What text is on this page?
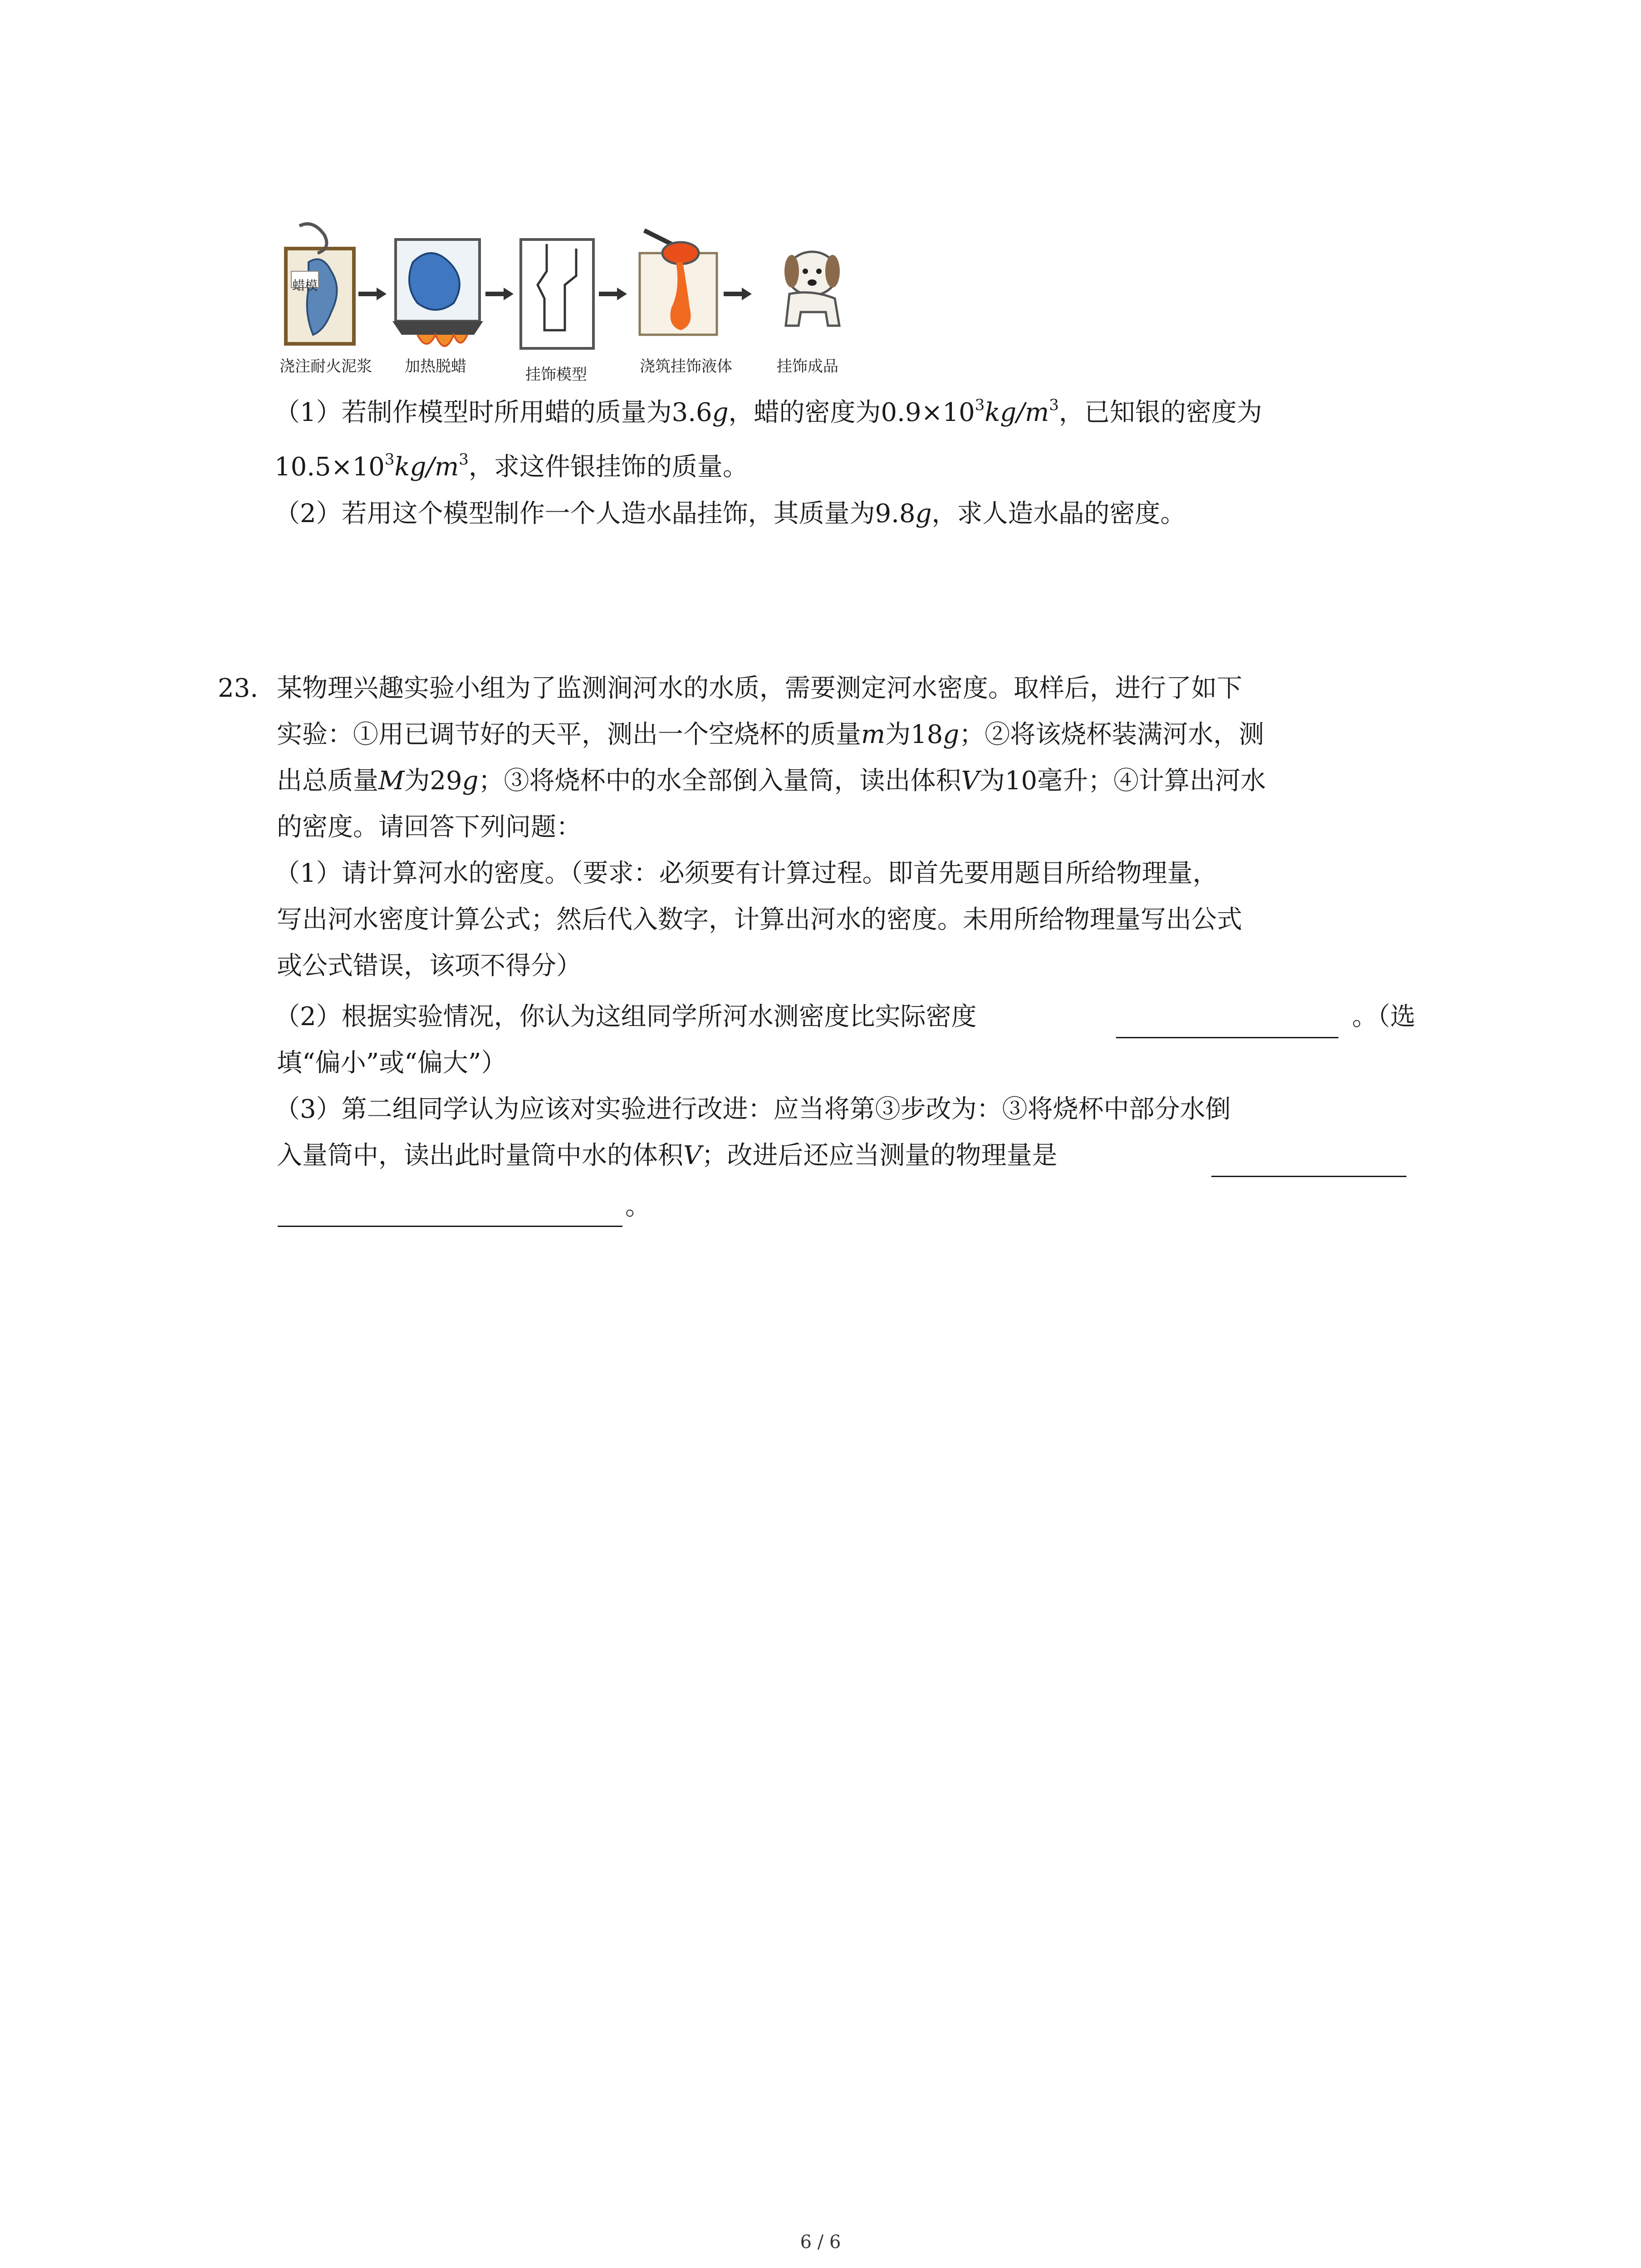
蜡模
浇注耐火泥浆 加热脱蜡	挂饰模型	浇筑挂饰液体	挂饰成品
（1）若制作模型时所用蜡的质量为3.6g，蜡的密度为$0.9\times 10^3kg/m^3$，已知银的密度为
$10.5\times 10^3kg/m^3$，求这件银挂饰的质量。
（2）若用这个模型制作一个人造水晶挂饰，其质量为9.8g，求人造水晶的密度。
23. 某物理兴趣实验小组为了监测涧河水的水质，需要测定河水密度。取样后，进行了如下
实验：①用已调节好的天平，测出一个空烧杯的质量m为18g；②将该烧杯装满河水，测
出总质量M为29g；③将烧杯中的水全部倒入量筒，读出体积V为10毫升；④计算出河水
的密度。请回答下列问题：
（1）请计算河水的密度。（要求：必须要有计算过程。即首先要用题目所给物理量，
写出河水密度计算公式；然后代入数字，计算出河水的密度。未用所给物理量写出公式
或公式错误，该项不得分）
（2）根据实验情况，你认为这组同学所河水测密度比实际密度	。（选
填“偏小”或“偏大”）
（3）第二组同学认为应该对实验进行改进：应当将第③步改为：③将烧杯中部分水倒
入量筒中，读出此时量筒中水的体积V；改进后还应当测量的物理量是
。
6 / 6
